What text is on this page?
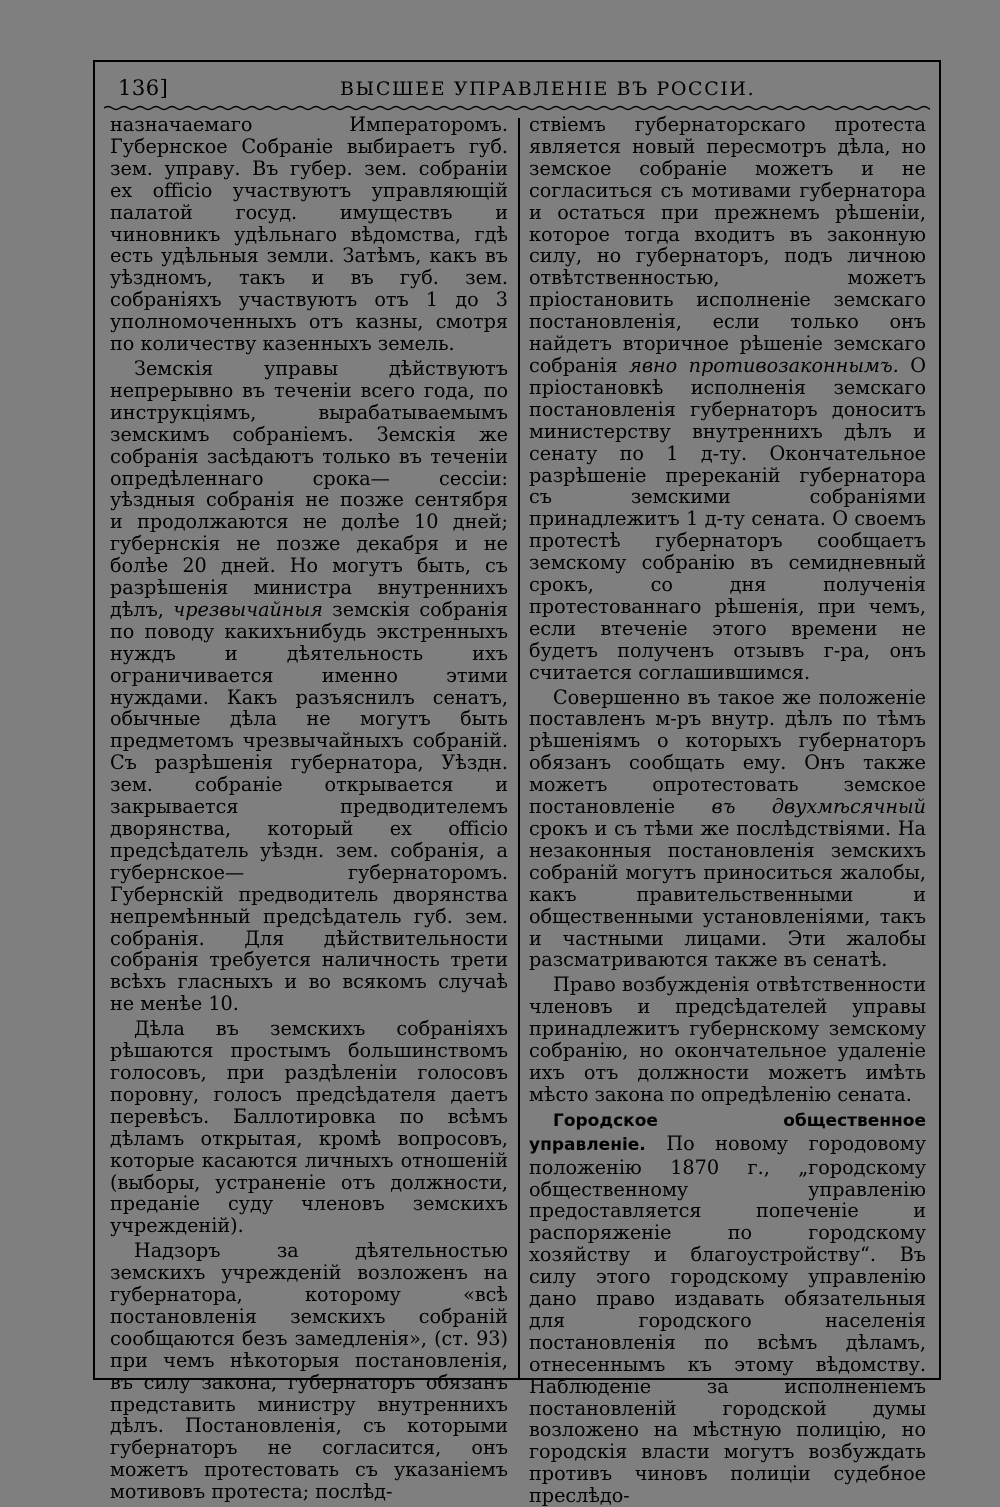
136]	ВЫСШЕЕ УПРАВЛЕНІЕ ВЪ РОССІИ.

назначаемаго Императоромъ. Губернское Собраніе выбираетъ губ. зем. управу. Въ губер. зем. собраніи ex officio участвуютъ управляющій палатой госуд. имуществъ и чиновникъ удѣльнаго вѣдомства, гдѣ есть удѣльныя земли. Затѣмъ, какъ въ уѣздномъ, такъ и въ губ. зем. собраніяхъ участвуютъ отъ 1 до 3 уполномоченныхъ отъ казны, смотря по количеству казенныхъ земель.

Земскія управы дѣйствуютъ непрерывно въ теченіи всего года, по инструкціямъ, вырабатываемымъ земскимъ собраніемъ. Земскія же собранія засѣдаютъ только въ теченіи опредѣленнаго срока— сессіи: уѣздныя собранія не позже сентября и продолжаются не долѣе 10 дней; губернскія не позже декабря и не болѣе 20 дней. Но могутъ быть, съ разрѣшенія министра внутреннихъ дѣлъ, чрезвычайныя земскія собранія по поводу какихънибудь экстренныхъ нуждъ и дѣятельность ихъ ограничивается именно этими нуждами. Какъ разъяснилъ сенатъ, обычные дѣла не могутъ быть предметомъ чрезвычайныхъ собраній. Съ разрѣшенія губернатора, Уѣздн. зем. собраніе открывается и закрывается предводителемъ дворянства, который ex officio предсѣдатель уѣздн. зем. собранія, а губернское— губернаторомъ. Губернскій предводитель дворянства непремѣнный предсѣдатель губ. зем. собранія. Для дѣйствительности собранія требуется наличность трети всѣхъ гласныхъ и во всякомъ случаѣ не менѣе 10.

Дѣла въ земскихъ собраніяхъ рѣшаются простымъ большинствомъ голосовъ, при раздѣленіи голосовъ поровну, голосъ предсѣдателя даетъ перевѣсъ. Баллотировка по всѣмъ дѣламъ открытая, кромѣ вопросовъ, которые касаются личныхъ отношеній (выборы, устраненіе отъ должности, преданіе суду членовъ земскихъ учрежденій).

Надзоръ за дѣятельностью земскихъ учрежденій возложенъ на губернатора, которому «всѣ постановленія земскихъ собраній сообщаются безъ замедленія», (ст. 93) при чемъ нѣкоторыя постановленія, въ силу закона, губернаторъ обязанъ представить министру внутреннихъ дѣлъ. Постановленія, съ которыми губернаторъ не согласится, онъ можетъ протестовать съ указаніемъ мотивовъ протеста; послѣд-

ствіемъ губернаторскаго протеста является новый пересмотръ дѣла, но земское собраніе можетъ и не согласиться съ мотивами губернатора и остаться при прежнемъ рѣшеніи, которое тогда входитъ въ законную силу, но губернаторъ, подъ личною отвѣтственностью, можетъ пріостановить исполненіе земскаго постановленія, если только онъ найдетъ вторичное рѣшеніе земскаго собранія явно противозаконнымъ. О пріостановкѣ исполненія земскаго постановленія губернаторъ доноситъ министерству внутреннихъ дѣлъ и сенату по 1 д-ту. Окончательное разрѣшеніе пререканій губернатора съ земскими собраніями принадлежитъ 1 д-ту сената. О своемъ протестѣ губернаторъ сообщаетъ земскому собранію въ семидневный срокъ, со дня полученія протестованнаго рѣшенія, при чемъ, если втеченіе этого времени не будетъ полученъ отзывъ г-ра, онъ считается соглашившимся.

Совершенно въ такое же положеніе поставленъ м-ръ внутр. дѣлъ по тѣмъ рѣшеніямъ о которыхъ губернаторъ обязанъ сообщать ему. Онъ также можетъ опротестовать земское постановленіе въ двухмѣсячный срокъ и съ тѣми же послѣдствіями. На незаконныя постановленія земскихъ собраній могутъ приноситься жалобы, какъ правительственными и общественными установленіями, такъ и частными лицами. Эти жалобы разсматриваются также въ сенатѣ.

Право возбужденія отвѣтственности членовъ и предсѣдателей управы принадлежитъ губернскому земскому собранію, но окончательное удаленіе ихъ отъ должности можетъ имѣть мѣсто закона по опредѣленію сената.

Городское общественное управленіе. По новому городовому положенію 1870 г., „городскому общественному управленію предоставляется попеченіе и распоряженіе по городскому хозяйству и благоустройству“. Въ силу этого городскому управленію дано право издавать обязательныя для городского населенія постановленія по всѣмъ дѣламъ, отнесеннымъ къ этому вѣдомству. Наблюденіе за исполненіемъ постановленій городской думы возложено на мѣстную полицію, но городскія власти могутъ возбуждать противъ чиновъ полиціи судебное преслѣдо-
